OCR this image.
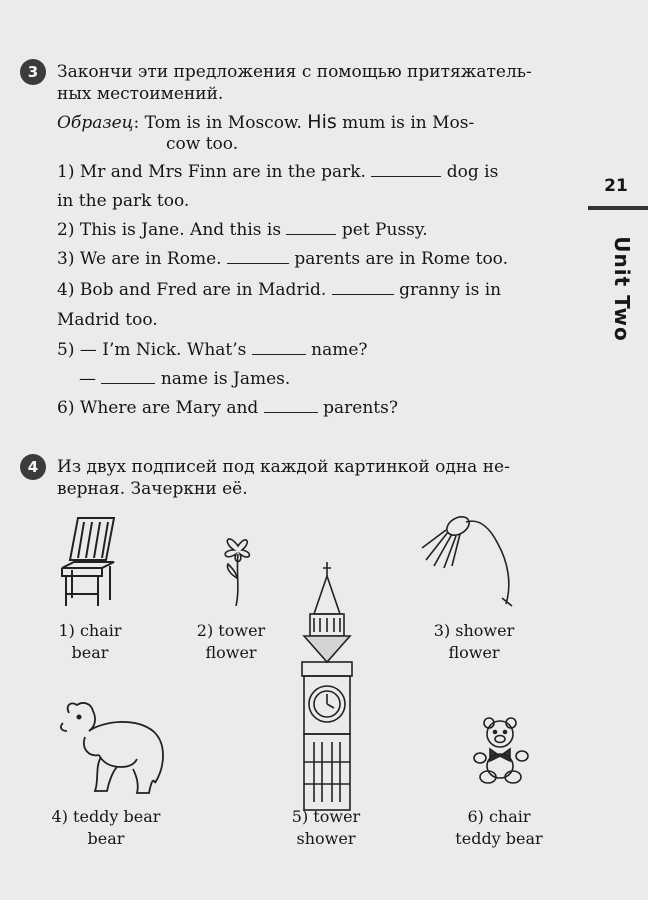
21
Unit Two
3	Закончи эти предложения с помощью притяжатель-
ных местоимений.
Образец: Tom is in Moscow. His mum is in Mos-
cow too.
1) Mr and Mrs Finn are in the park.	dog is
in the park too.
2) This is Jane. And this is	pet Pussy.
3) We are in Rome.	parents are in Rome too.
4) Bob and Fred are in Madrid.	granny is in
Madrid too.
5) — I’m Nick. What’s	name?
—	name is James.
6) Where are Mary and	parents?
4	Из двух подписей под каждой картинкой одна не-
верная. Зачеркни её.
1) chair
bear
2) tower
flower
3) shower
flower
4) teddy bear
bear
5) tower
shower
6) chair
teddy bear
